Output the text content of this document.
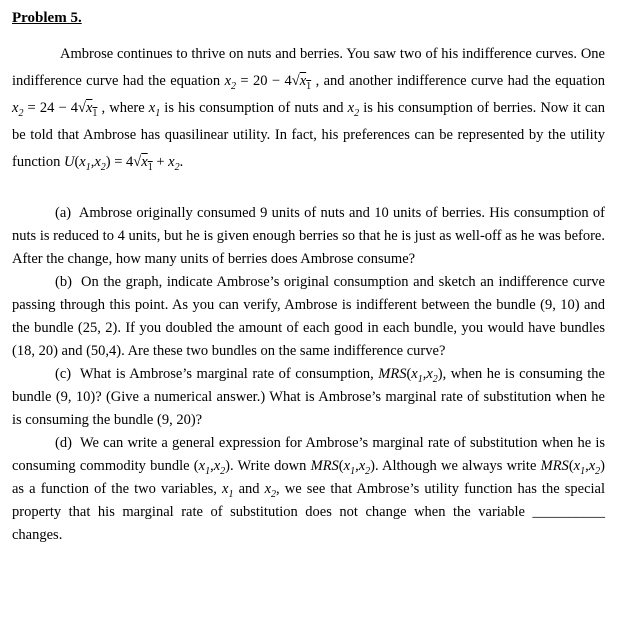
Problem 5.

Ambrose continues to thrive on nuts and berries. You saw two of his indifference curves. One indifference curve had the equation $x_2 = 20 - 4√x_1$ , and another indifference curve had the equation $x_2 = 24 - 4√x_1$ , where $x_1$ is his consumption of nuts and $x_2$ is his consumption of berries. Now it can be told that Ambrose has quasilinear utility. In fact, his preferences can be represented by the utility function $U(x_1,x_2) = 4√x_1 + x_2$.

(a)  Ambrose originally consumed 9 units of nuts and 10 units of berries. His consumption of nuts is reduced to 4 units, but he is given enough berries so that he is just as well-off as he was before. After the change, how many units of berries does Ambrose consume?

(b)  On the graph, indicate Ambrose’s original consumption and sketch an indifference curve passing through this point. As you can verify, Ambrose is indifferent between the bundle (9, 10) and the bundle (25, 2). If you doubled the amount of each good in each bundle, you would have bundles (18, 20) and (50,4). Are these two bundles on the same indifference curve?

(c)  What is Ambrose’s marginal rate of consumption, $MRS(x_1,x_2)$, when he is consuming the bundle (9, 10)? (Give a numerical answer.) What is Ambrose’s marginal rate of substitution when he is consuming the bundle (9, 20)?

(d)  We can write a general expression for Ambrose’s marginal rate of substitution when he is consuming commodity bundle $(x_1,x_2)$. Write down $MRS(x_1,x_2)$. Although we always write $MRS(x_1,x_2)$ as a function of the two variables, $x_1$ and $x_2$, we see that Ambrose’s utility function has the special property that his marginal rate of substitution does not change when the variable __________ changes.
